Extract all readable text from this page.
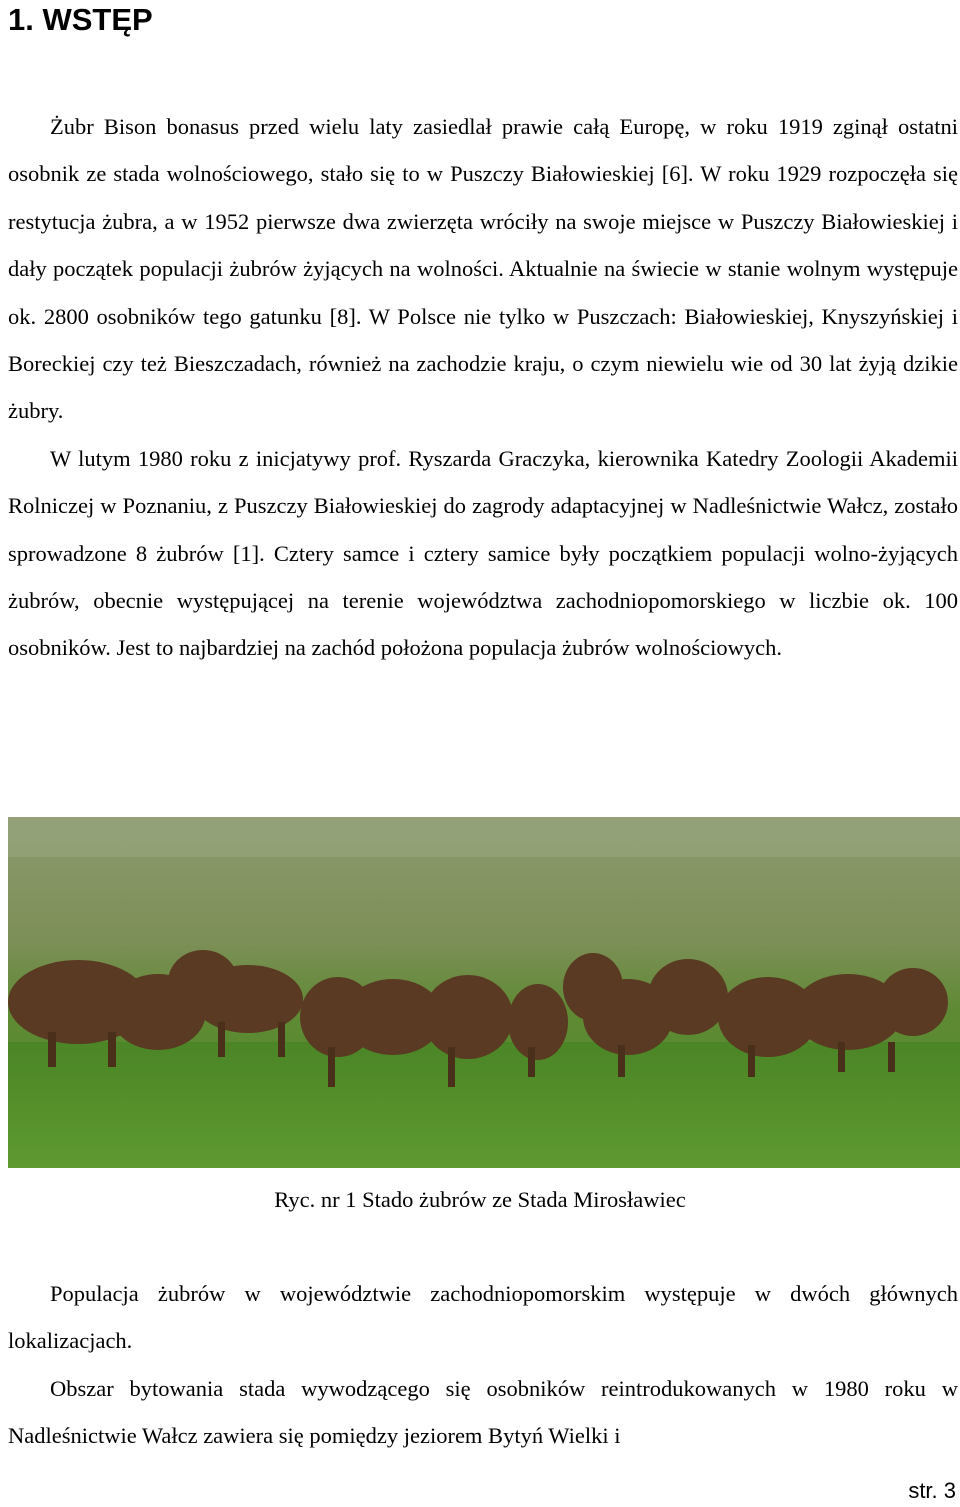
1. WSTĘP

Żubr Bison bonasus przed wielu laty zasiedlał prawie całą Europę, w roku 1919 zginął ostatni osobnik ze stada wolnościowego, stało się to w Puszczy Białowieskiej [6]. W roku 1929 rozpoczęła się restytucja żubra, a w 1952 pierwsze dwa zwierzęta wróciły na swoje miejsce w Puszczy Białowieskiej i dały początek populacji żubrów żyjących na wolności. Aktualnie na świecie w stanie wolnym występuje ok. 2800 osobników tego gatunku [8]. W Polsce nie tylko w Puszczach: Białowieskiej, Knyszyńskiej i Boreckiej czy też Bieszczadach, również na zachodzie kraju, o czym niewielu wie od 30 lat żyją dzikie żubry.

W lutym 1980 roku z inicjatywy prof. Ryszarda Graczyka, kierownika Katedry Zoologii Akademii Rolniczej w Poznaniu, z Puszczy Białowieskiej do zagrody adaptacyjnej w Nadleśnictwie Wałcz, zostało sprowadzone 8 żubrów [1]. Cztery samce i cztery samice były początkiem populacji wolno-żyjących żubrów, obecnie występującej na terenie województwa zachodniopomorskiego w liczbie ok. 100 osobników. Jest to najbardziej na zachód położona populacja żubrów wolnościowych.

Ryc. nr 1 Stado żubrów ze Stada Mirosławiec

Populacja żubrów w województwie zachodniopomorskim występuje w dwóch głównych lokalizacjach.

Obszar bytowania stada wywodzącego się osobników reintrodukowanych w 1980 roku w Nadleśnictwie Wałcz zawiera się pomiędzy jeziorem Bytyń Wielki i

str. 3
